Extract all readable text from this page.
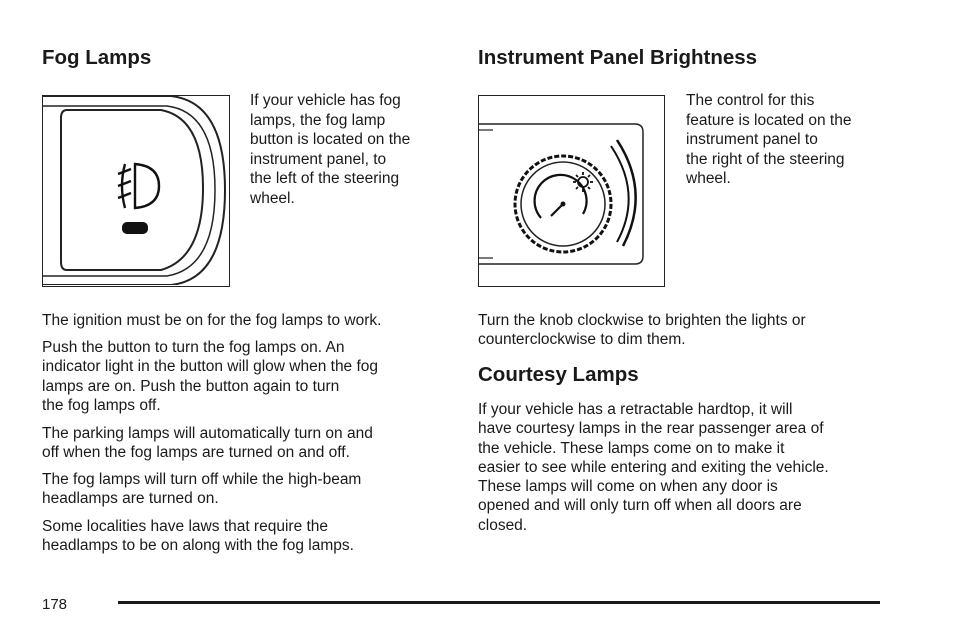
Fog Lamps
If your vehicle has fog
lamps, the fog lamp
button is located on the
instrument panel, to
the left of the steering
wheel.
The ignition must be on for the fog lamps to work.
Push the button to turn the fog lamps on. An
indicator light in the button will glow when the fog
lamps are on. Push the button again to turn
the fog lamps off.
The parking lamps will automatically turn on and
off when the fog lamps are turned on and off.
The fog lamps will turn off while the high-beam
headlamps are turned on.
Some localities have laws that require the
headlamps to be on along with the fog lamps.
Instrument Panel Brightness
The control for this
feature is located on the
instrument panel to
the right of the steering
wheel.
Turn the knob clockwise to brighten the lights or
counterclockwise to dim them.
Courtesy Lamps
If your vehicle has a retractable hardtop, it will
have courtesy lamps in the rear passenger area of
the vehicle. These lamps come on to make it
easier to see while entering and exiting the vehicle.
These lamps will come on when any door is
opened and will only turn off when all doors are
closed.
178
